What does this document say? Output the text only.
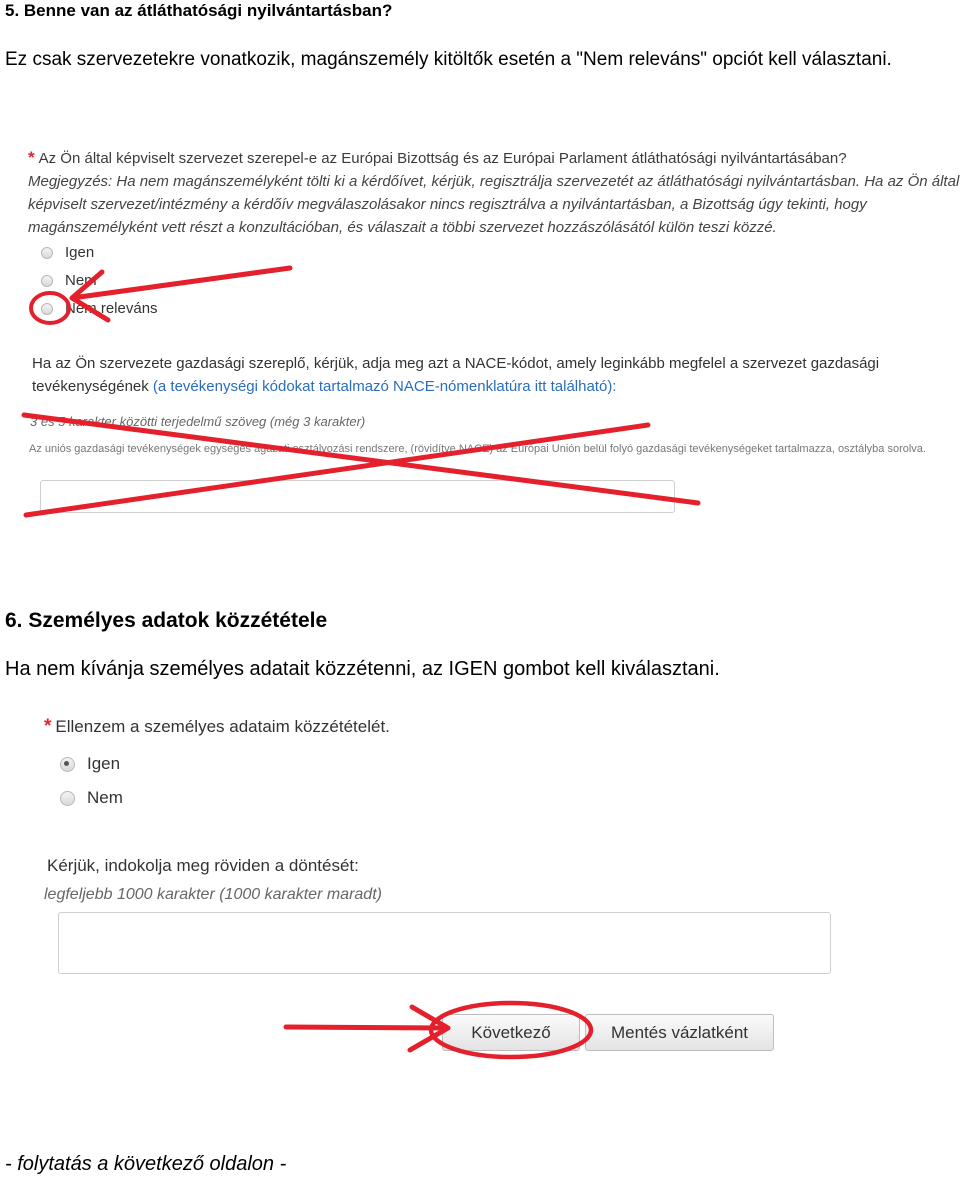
5. Benne van az átláthatósági nyilvántartásban?
Ez csak szervezetekre vonatkozik, magánszemély kitöltők esetén a "Nem releváns" opciót kell választani.
* Az Ön által képviselt szervezet szerepel-e az Európai Bizottság és az Európai Parlament átláthatósági nyilvántartásában?
Megjegyzés: Ha nem magánszemélyként tölti ki a kérdőívet, kérjük, regisztrálja szervezetét az átláthatósági nyilvántartásban. Ha az Ön által képviselt szervezet/intézmény a kérdőív megválaszolásakor nincs regisztrálva a nyilvántartásban, a Bizottság úgy tekinti, hogy magánszemélyként vett részt a konzultációban, és válaszait a többi szervezet hozzászólásától külön teszi közzé.
Igen
Nem
Nem releváns
Ha az Ön szervezete gazdasági szereplő, kérjük, adja meg azt a NACE-kódot, amely leginkább megfelel a szervezet gazdasági tevékenységének (a tevékenységi kódokat tartalmazó NACE-nómenklatúra itt található):
3 és 5 karakter közötti terjedelmű szöveg (még 3 karakter)
Az uniós gazdasági tevékenységek egységes ágazati osztályozási rendszere, (rövidítve NACE) az Európai Unión belül folyó gazdasági tevékenységeket tartalmazza, osztályba sorolva.
6. Személyes adatok közzététele
Ha nem kívánja személyes adatait közzétenni, az IGEN gombot kell kiválasztani.
* Ellenzem a személyes adataim közzétételét.
Igen
Nem
Kérjük, indokolja meg röviden a döntését:
legfeljebb 1000 karakter (1000 karakter maradt)
Következő	Mentés vázlatként
- folytatás a következő oldalon -
